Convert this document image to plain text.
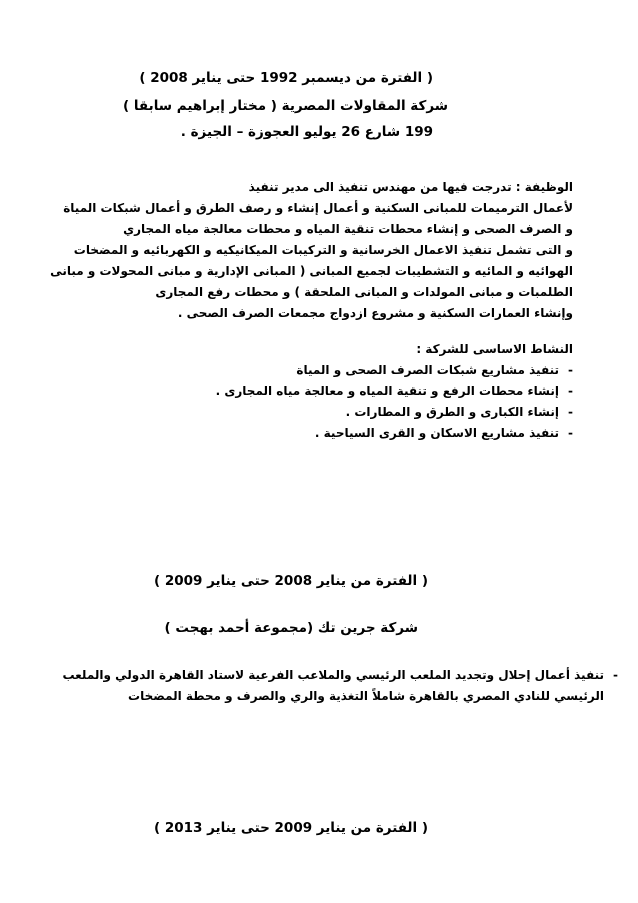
( الفترة من ديسمبر 1992 حتى يناير 2008 )
شركة المقاولات المصرية ( مختار إبراهيم سابقا )
199 شارع 26 يوليو العجوزة – الجيزة .
الوظيفة : تدرجت فيها من مهندس تنفيذ الى مدير تنفيذ
لأعمال الترميمات للمبانى السكنية و أعمال إنشاء و رصف الطرق و أعمال شبكات المياة
و الصرف الصحى و إنشاء محطات تنقية المياه و محطات معالجة مياه المجاري
و التى تشمل تنفيذ الاعمال الخرسانية و التركيبات الميكانيكيه و الكهربائيه و المضخات
الهوائيه و المائيه و التشطيبات لجميع المبانى ( المبانى الإدارية و مبانى المحولات و مبانى
الطلمبات و مبانى المولدات و المبانى الملحقة ) و محطات رفع المجارى
وإنشاء العمارات السكنية و مشروع ازدواج مجمعات الصرف الصحى .
النشاط الاساسى للشركة :
-
تنفيذ مشاريع شبكات الصرف الصحى و المياة
-
إنشاء محطات الرفع و تنقية المياه و معالجة مياه المجارى .
-
إنشاء الكبارى و الطرق و المطارات .
-
تنفيذ مشاريع الاسكان و القرى السياحية .
( الفترة من يناير 2008 حتى يناير 2009 )
شركة جرين تك (مجموعة أحمد بهجت )
-
تنفيذ أعمال إحلال وتجديد الملعب الرئيسي والملاعب الفرعية لاستاد القاهرة الدولي والملعب
الرئيسي للنادي المصري بالقاهرة شاملاً التغذية والري والصرف و محطة المضخات
( الفترة من يناير 2009 حتى يناير 2013 )
